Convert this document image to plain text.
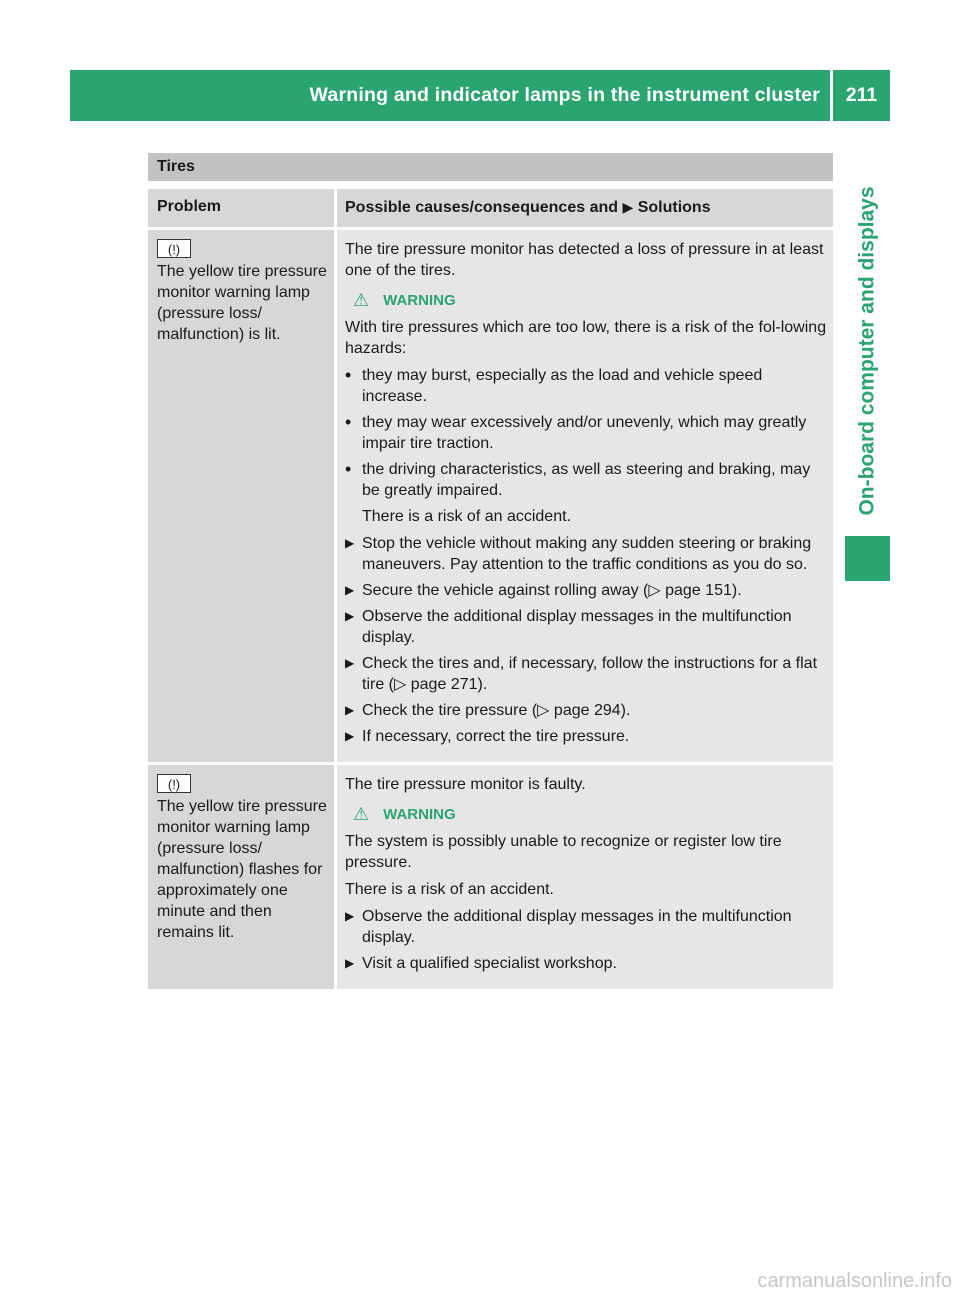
Warning and indicator lamps in the instrument cluster	211
On-board computer and displays
Tires
Problem	Possible causes/consequences and ▶ Solutions
(!)
The yellow tire pressure monitor warning lamp (pressure loss/ malfunction) is lit.
The tire pressure monitor has detected a loss of pressure in at least one of the tires.
⚠ WARNING
With tire pressures which are too low, there is a risk of the fol-lowing hazards:
• they may burst, especially as the load and vehicle speed increase.
• they may wear excessively and/or unevenly, which may greatly impair tire traction.
• the driving characteristics, as well as steering and braking, may be greatly impaired.
There is a risk of an accident.
▶ Stop the vehicle without making any sudden steering or braking maneuvers. Pay attention to the traffic conditions as you do so.
▶ Secure the vehicle against rolling away (▷ page 151).
▶ Observe the additional display messages in the multifunction display.
▶ Check the tires and, if necessary, follow the instructions for a flat tire (▷ page 271).
▶ Check the tire pressure (▷ page 294).
▶ If necessary, correct the tire pressure.
(!)
The yellow tire pressure monitor warning lamp (pressure loss/ malfunction) flashes for approximately one minute and then remains lit.
The tire pressure monitor is faulty.
⚠ WARNING
The system is possibly unable to recognize or register low tire pressure.
There is a risk of an accident.
▶ Observe the additional display messages in the multifunction display.
▶ Visit a qualified specialist workshop.
carmanualsonline.info
